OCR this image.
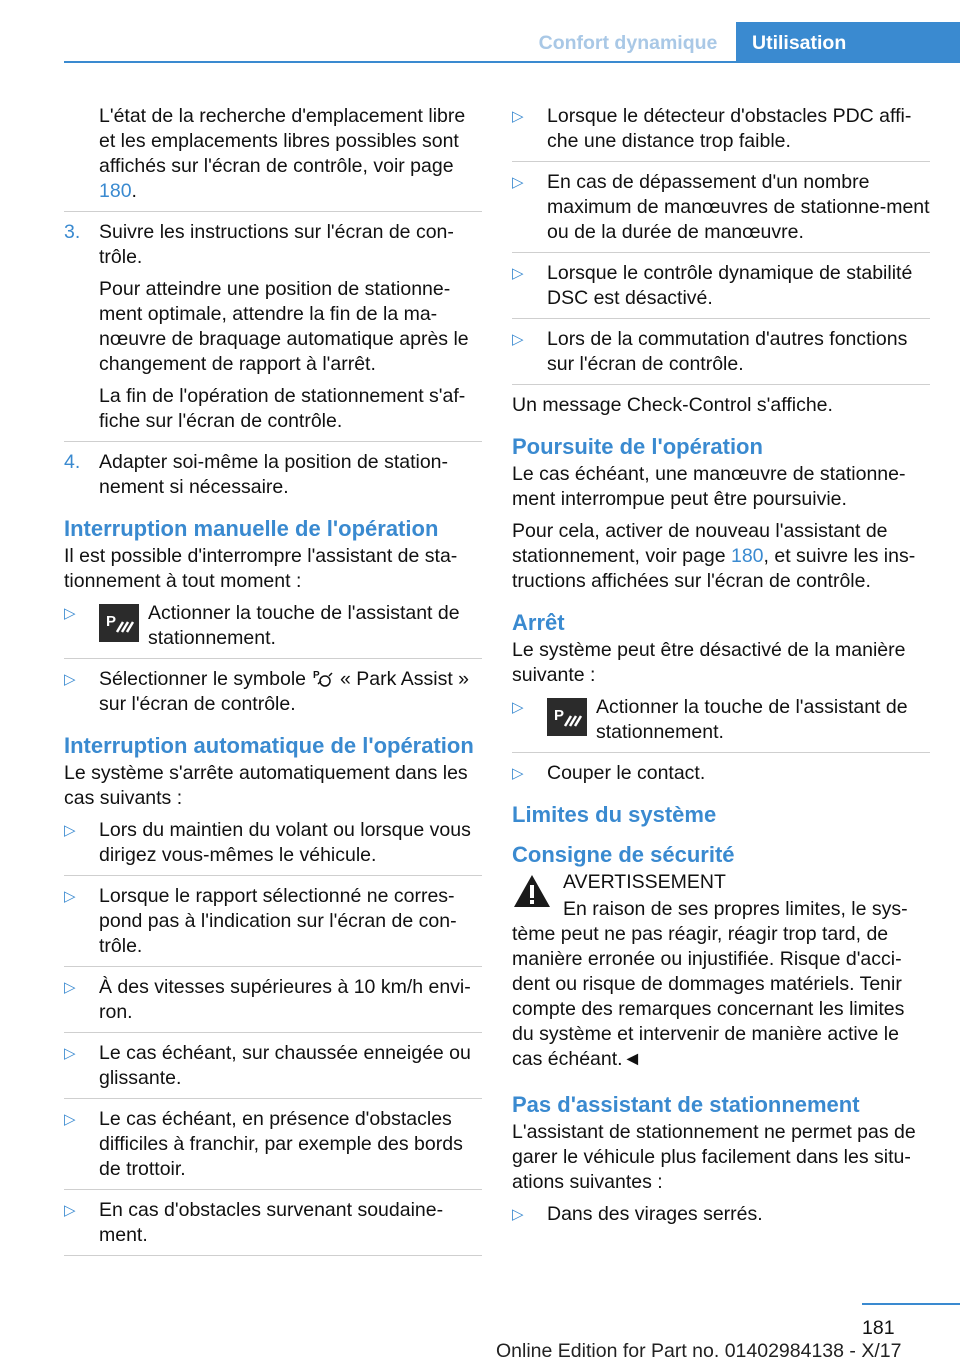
Confort dynamique	Utilisation

L'état de la recherche d'emplacement libre et les emplacements libres possibles sont affichés sur l'écran de contrôle, voir page 180.

3. Suivre les instructions sur l'écran de con‐trôle.

Pour atteindre une position de stationne‐ment optimale, attendre la fin de la ma‐nœuvre de braquage automatique après le changement de rapport à l'arrêt.

La fin de l'opération de stationnement s'af‐fiche sur l'écran de contrôle.

4. Adapter soi-même la position de station‐nement si nécessaire.

Interruption manuelle de l'opération

Il est possible d'interrompre l'assistant de sta‐tionnement à tout moment :

▷ P Actionner la touche de l'assistant de stationnement.

▷ Sélectionner le symbole P « Park Assist » sur l'écran de contrôle.

Interruption automatique de l'opération

Le système s'arrête automatiquement dans les cas suivants :

▷ Lors du maintien du volant ou lorsque vous dirigez vous-mêmes le véhicule.

▷ Lorsque le rapport sélectionné ne corres‐pond pas à l'indication sur l'écran de con‐trôle.

▷ À des vitesses supérieures à 10 km/h envi‐ron.

▷ Le cas échéant, sur chaussée enneigée ou glissante.

▷ Le cas échéant, en présence d'obstacles difficiles à franchir, par exemple des bords de trottoir.

▷ En cas d'obstacles survenant soudaine‐ment.

▷ Lorsque le détecteur d'obstacles PDC affi‐che une distance trop faible.

▷ En cas de dépassement d'un nombre maximum de manœuvres de stationne‐ment ou de la durée de manœuvre.

▷ Lorsque le contrôle dynamique de stabilité DSC est désactivé.

▷ Lors de la commutation d'autres fonctions sur l'écran de contrôle.

Un message Check-Control s'affiche.

Poursuite de l'opération

Le cas échéant, une manœuvre de stationne‐ment interrompue peut être poursuivie.

Pour cela, activer de nouveau l'assistant de stationnement, voir page 180, et suivre les ins‐tructions affichées sur l'écran de contrôle.

Arrêt

Le système peut être désactivé de la manière suivante :

▷ P Actionner la touche de l'assistant de stationnement.

▷ Couper le contact.

Limites du système
Consigne de sécurité

AVERTISSEMENT

En raison de ses propres limites, le sys‐tème peut ne pas réagir, réagir trop tard, de manière erronée ou injustifiée. Risque d'acci‐dent ou risque de dommages matériels. Tenir compte des remarques concernant les limites du système et intervenir de manière active le cas échéant.◄

Pas d'assistant de stationnement

L'assistant de stationnement ne permet pas de garer le véhicule plus facilement dans les situ‐ations suivantes :

▷ Dans des virages serrés.

181
Online Edition for Part no. 01402984138 - X/17
